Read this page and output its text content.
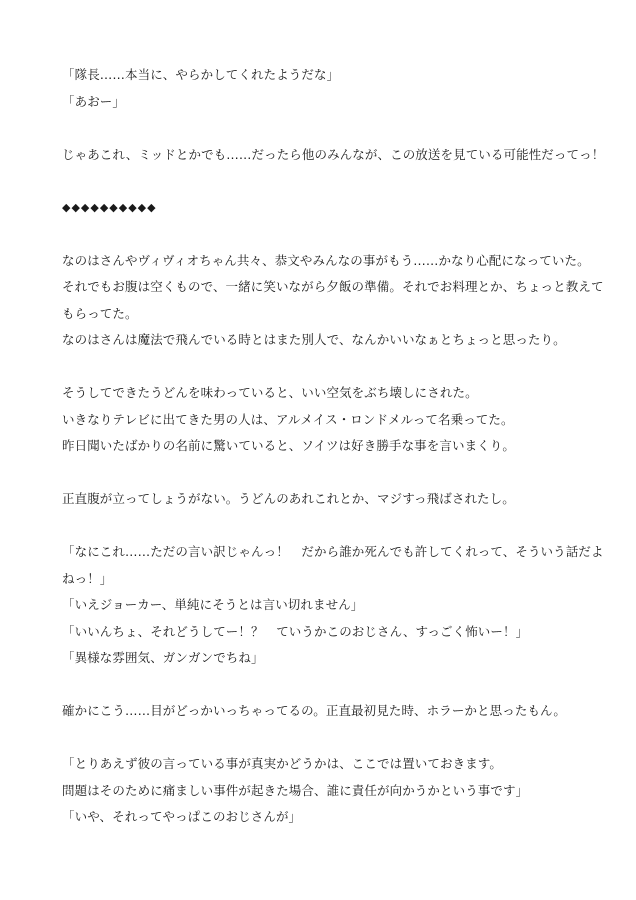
「隊長……本当に、やらかしてくれたようだな」
「あおー」
じゃあこれ、ミッドとかでも……だったら他のみんなが、この放送を見ている可能性だってっ！
◆◆◆◆◆◆◆◆◆◆
なのはさんやヴィヴィオちゃん共々、恭文やみんなの事がもう……かなり心配になっていた。
それでもお腹は空くもので、一緒に笑いながら夕飯の準備。それでお料理とか、ちょっと教えて
もらってた。
なのはさんは魔法で飛んでいる時とはまた別人で、なんかいいなぁとちょっと思ったり。
そうしてできたうどんを味わっていると、いい空気をぶち壊しにされた。
いきなりテレビに出てきた男の人は、アルメイス・ロンドメルって名乗ってた。
昨日聞いたばかりの名前に驚いていると、ソイツは好き勝手な事を言いまくり。
正直腹が立ってしょうがない。うどんのあれこれとか、マジすっ飛ばされたし。
「なにこれ……ただの言い訳じゃんっ！　だから誰か死んでも許してくれって、そういう話だよ
ねっ！」
「いえジョーカー、単純にそうとは言い切れません」
「いいんちょ、それどうしてー！？　ていうかこのおじさん、すっごく怖いー！」
「異様な雰囲気、ガンガンでちね」
確かにこう……目がどっかいっちゃってるの。正直最初見た時、ホラーかと思ったもん。
「とりあえず彼の言っている事が真実かどうかは、ここでは置いておきます。
問題はそのために痛ましい事件が起きた場合、誰に責任が向かうかという事です」
「いや、それってやっぱこのおじさんが」
